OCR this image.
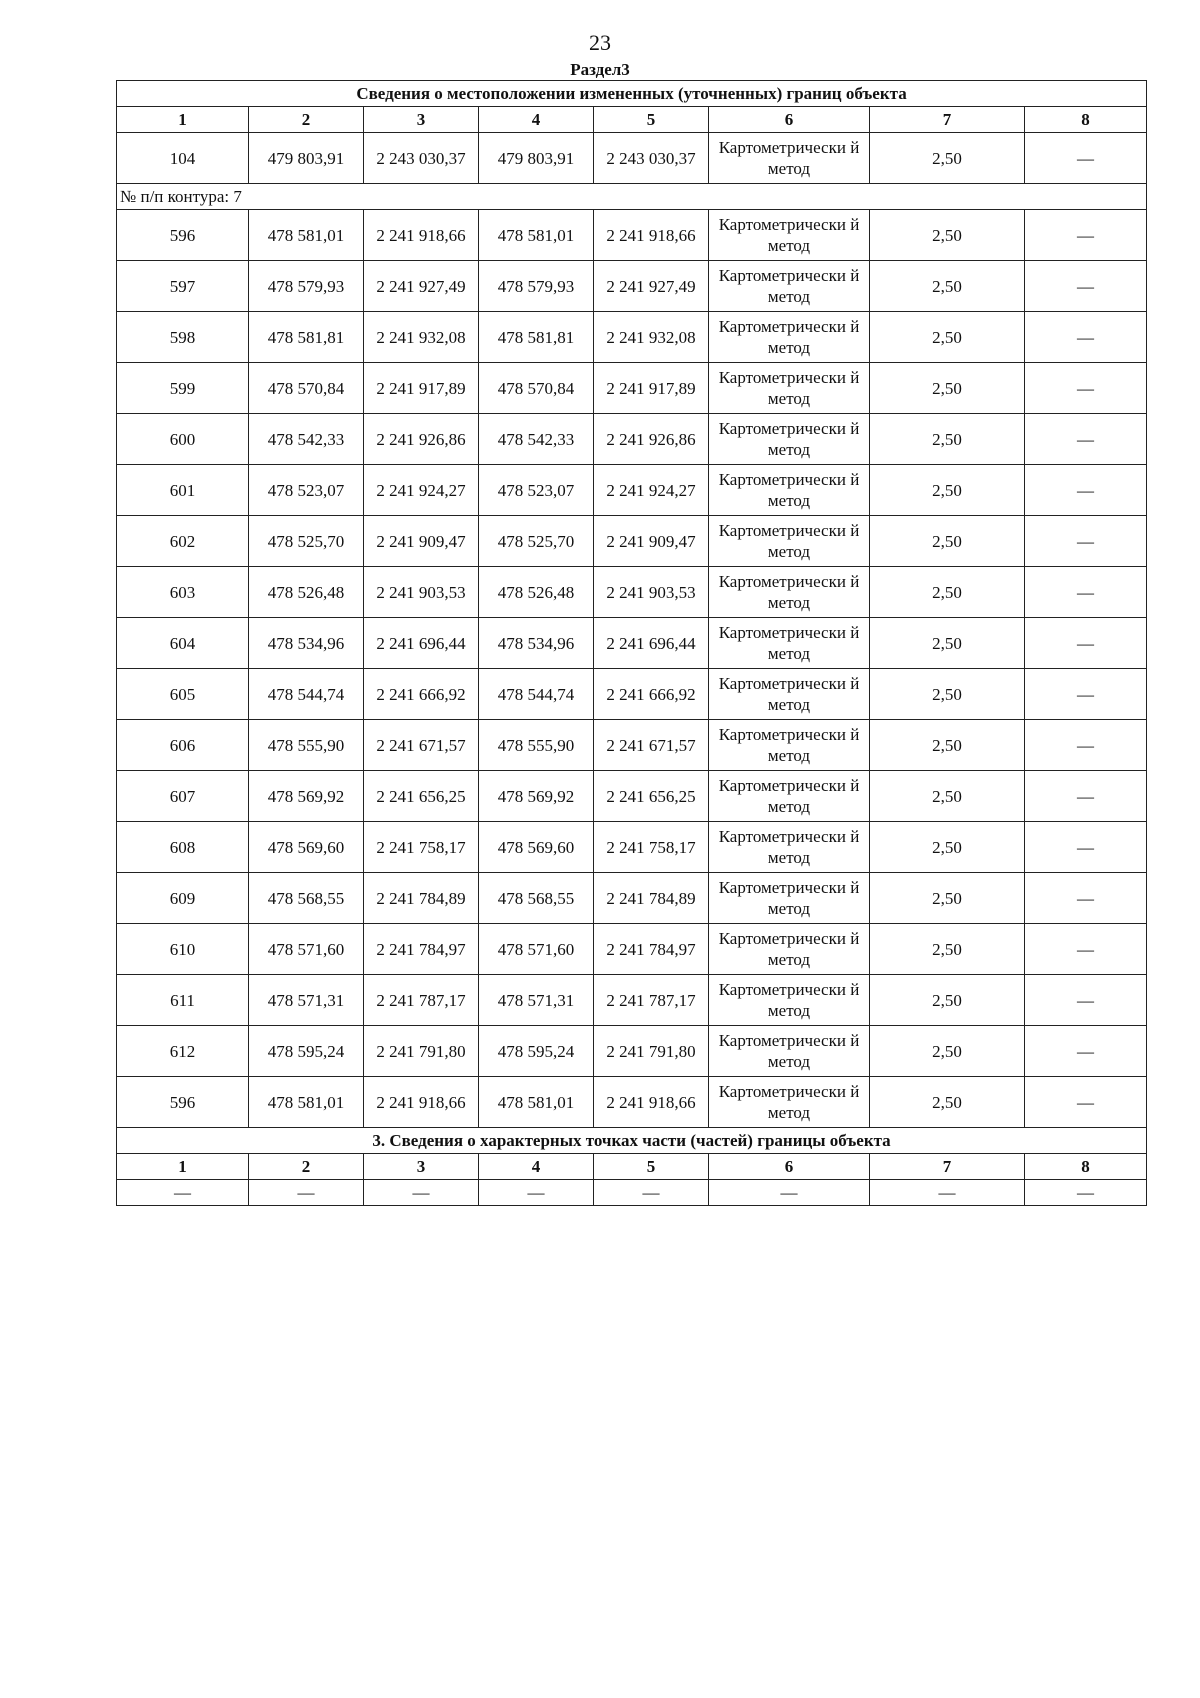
23
Раздел3
Сведения о местоположении измененных (уточненных) границ объекта							
1	2	3	4	5	6	7	8
104	479 803,91	2 243 030,37	479 803,91	2 243 030,37	Картометрически й метод	2,50	—
№ п/п контура: 7							
596	478 581,01	2 241 918,66	478 581,01	2 241 918,66	Картометрически й метод	2,50	—
597	478 579,93	2 241 927,49	478 579,93	2 241 927,49	Картометрически й метод	2,50	—
598	478 581,81	2 241 932,08	478 581,81	2 241 932,08	Картометрически й метод	2,50	—
599	478 570,84	2 241 917,89	478 570,84	2 241 917,89	Картометрически й метод	2,50	—
600	478 542,33	2 241 926,86	478 542,33	2 241 926,86	Картометрически й метод	2,50	—
601	478 523,07	2 241 924,27	478 523,07	2 241 924,27	Картометрически й метод	2,50	—
602	478 525,70	2 241 909,47	478 525,70	2 241 909,47	Картометрически й метод	2,50	—
603	478 526,48	2 241 903,53	478 526,48	2 241 903,53	Картометрически й метод	2,50	—
604	478 534,96	2 241 696,44	478 534,96	2 241 696,44	Картометрически й метод	2,50	—
605	478 544,74	2 241 666,92	478 544,74	2 241 666,92	Картометрически й метод	2,50	—
606	478 555,90	2 241 671,57	478 555,90	2 241 671,57	Картометрически й метод	2,50	—
607	478 569,92	2 241 656,25	478 569,92	2 241 656,25	Картометрически й метод	2,50	—
608	478 569,60	2 241 758,17	478 569,60	2 241 758,17	Картометрически й метод	2,50	—
609	478 568,55	2 241 784,89	478 568,55	2 241 784,89	Картометрически й метод	2,50	—
610	478 571,60	2 241 784,97	478 571,60	2 241 784,97	Картометрически й метод	2,50	—
611	478 571,31	2 241 787,17	478 571,31	2 241 787,17	Картометрически й метод	2,50	—
612	478 595,24	2 241 791,80	478 595,24	2 241 791,80	Картометрически й метод	2,50	—
596	478 581,01	2 241 918,66	478 581,01	2 241 918,66	Картометрически й метод	2,50	—
3. Сведения о характерных точках части (частей) границы объекта							
1	2	3	4	5	6	7	8
—	—	—	—	—	—	—	—
